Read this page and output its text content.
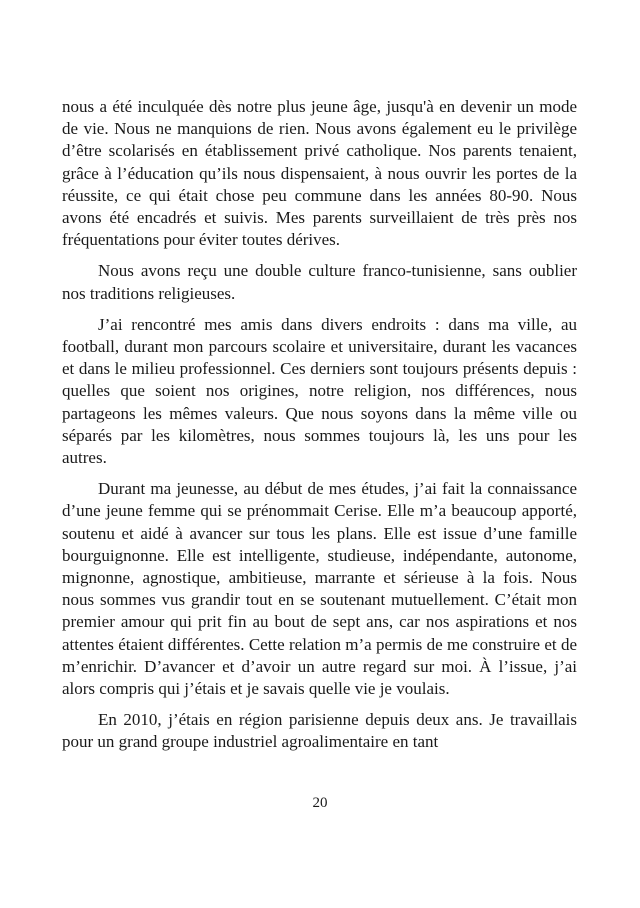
nous a été inculquée dès notre plus jeune âge, jusqu'à en devenir un mode de vie. Nous ne manquions de rien. Nous avons également eu le privilège d’être scolarisés en établissement privé catholique. Nos parents tenaient, grâce à l’éducation qu’ils nous dispensaient, à nous ouvrir les portes de la réussite, ce qui était chose peu commune dans les années 80-90. Nous avons été encadrés et suivis. Mes parents surveillaient de très près nos fréquentations pour éviter toutes dérives.

Nous avons reçu une double culture franco-tunisienne, sans oublier nos traditions religieuses.

J’ai rencontré mes amis dans divers endroits : dans ma ville, au football, durant mon parcours scolaire et universitaire, durant les vacances et dans le milieu professionnel. Ces derniers sont toujours présents depuis : quelles que soient nos origines, notre religion, nos différences, nous partageons les mêmes valeurs. Que nous soyons dans la même ville ou séparés par les kilomètres, nous sommes toujours là, les uns pour les autres.

Durant ma jeunesse, au début de mes études, j’ai fait la connaissance d’une jeune femme qui se prénommait Cerise. Elle m’a beaucoup apporté, soutenu et aidé à avancer sur tous les plans. Elle est issue d’une famille bourguignonne. Elle est intelligente, studieuse, indépendante, autonome, mignonne, agnostique, ambitieuse, marrante et sérieuse à la fois. Nous nous sommes vus grandir tout en se soutenant mutuellement. C’était mon premier amour qui prit fin au bout de sept ans, car nos aspirations et nos attentes étaient différentes. Cette relation m’a permis de me construire et de m’enrichir. D’avancer et d’avoir un autre regard sur moi. À l’issue, j’ai alors compris qui j’étais et je savais quelle vie je voulais.

En 2010, j’étais en région parisienne depuis deux ans. Je travaillais pour un grand groupe industriel agroalimentaire en tant

20
